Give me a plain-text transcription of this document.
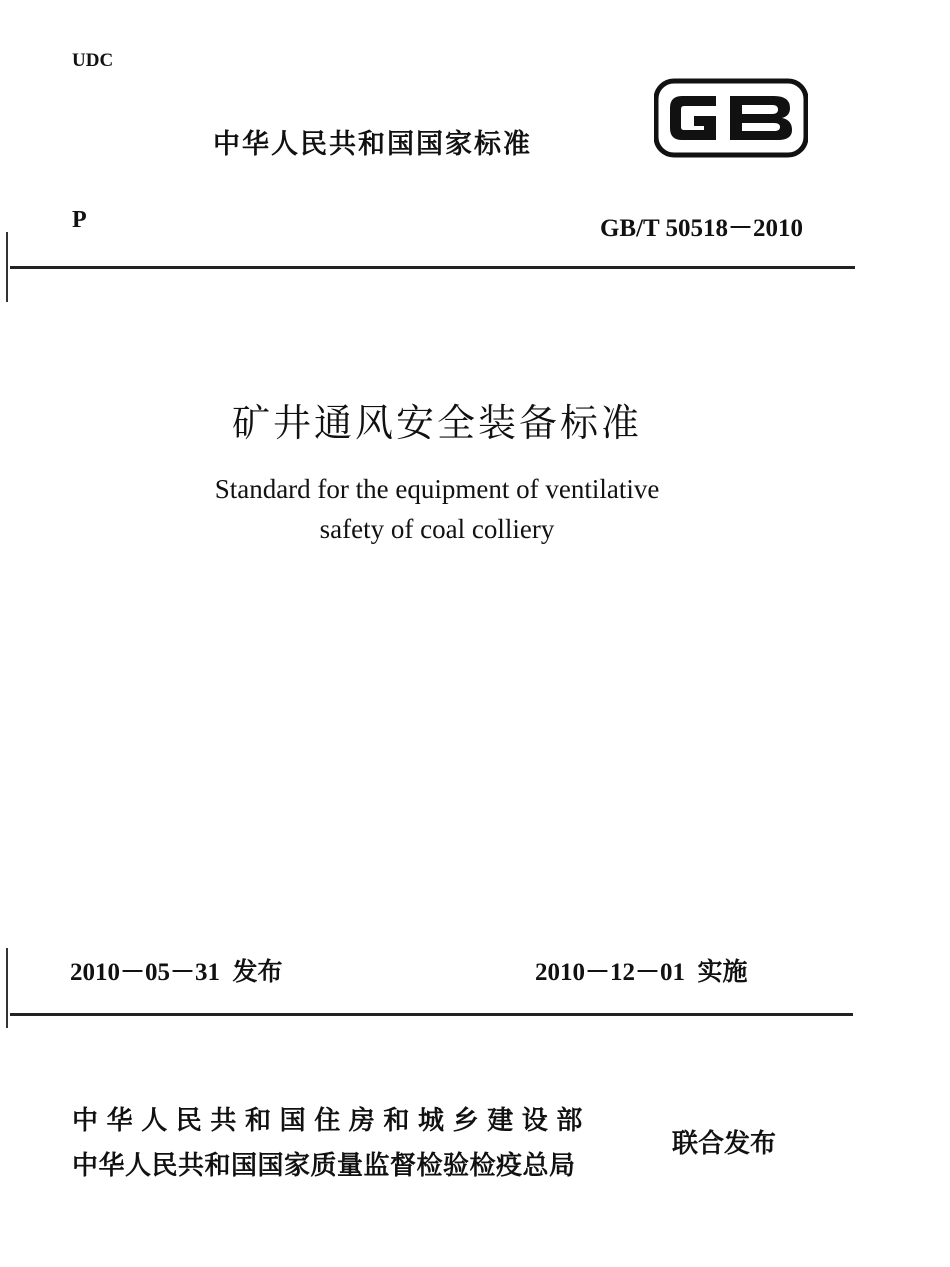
UDC
中华人民共和国国家标准
P	GB/T 50518－2010
矿井通风安全装备标准
Standard for the equipment of ventilative
safety of coal colliery
2010－05－31  发布	2010－12－01  实施
中华人民共和国住房和城乡建设部
中华人民共和国国家质量监督检验检疫总局
联合发布
